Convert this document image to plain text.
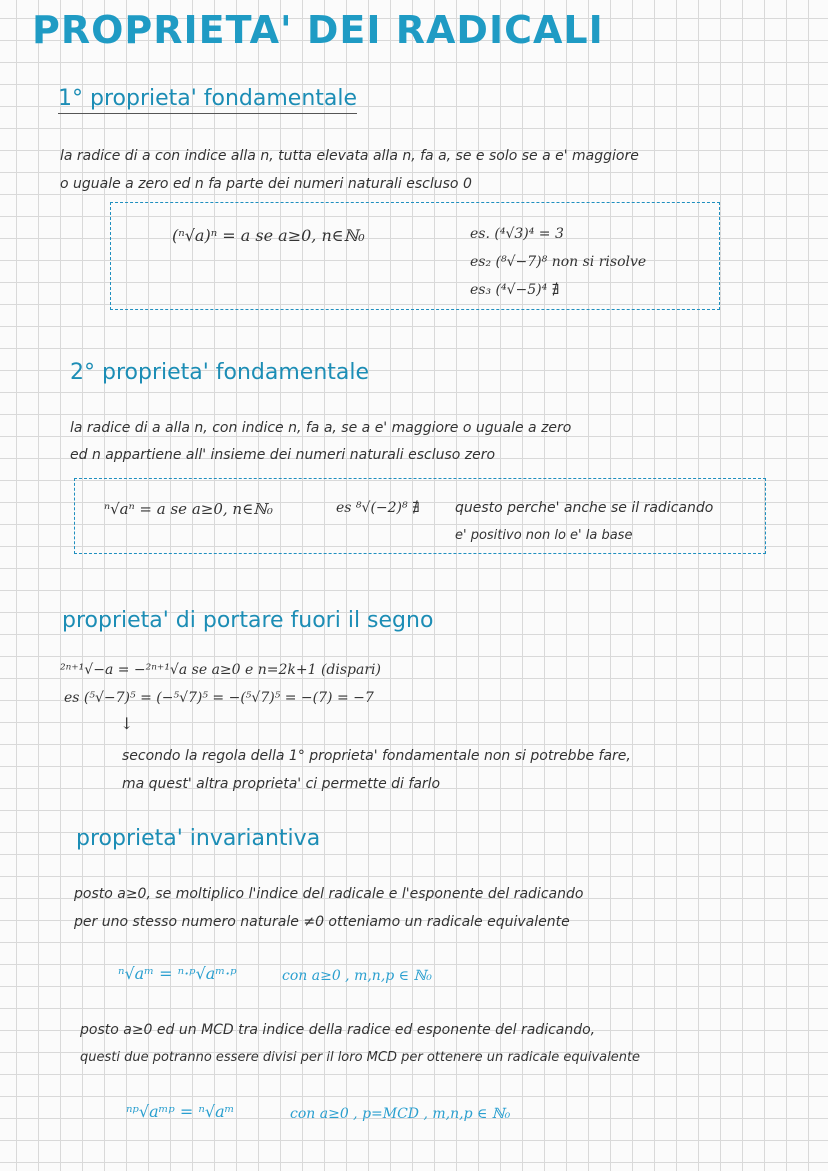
PROPRIETA' DEI RADICALI
1° proprieta' fondamentale
la radice di a con indice alla n, tutta elevata alla n, fa a, se e solo se a e' maggiore
o uguale a zero ed n fa parte dei numeri naturali escluso 0
(ⁿ√a)ⁿ = a se a≥0, n∈ℕ₀	es. (⁴√3)⁴ = 3
es₂ (⁸√−7)⁸ non si risolve
es₃ (⁴√−5)⁴ ∄
2° proprieta' fondamentale
la radice di a alla n, con indice n, fa a, se a e' maggiore o uguale a zero
ed n appartiene all' insieme dei numeri naturali escluso zero
ⁿ√aⁿ = a se a≥0, n∈ℕ₀	es ⁸√(−2)⁸ ∄	questo perche' anche se il radicando
e' positivo non lo e' la base
proprieta' di portare fuori il segno
²ⁿ⁺¹√−a = −²ⁿ⁺¹√a se a≥0 e n=2k+1 (dispari)
es (⁵√−7)⁵ = (−⁵√7)⁵ = −(⁵√7)⁵ = −(7) = −7
↓
secondo la regola della 1° proprieta' fondamentale non si potrebbe fare,
ma quest' altra proprieta' ci permette di farlo
proprieta' invariantiva
posto a≥0, se moltiplico l'indice del radicale e l'esponente del radicando
per uno stesso numero naturale ≠0 otteniamo un radicale equivalente
ⁿ√aᵐ = ⁿ·ᵖ√aᵐ·ᵖ	con a≥0 , m,n,p ∈ ℕ₀
posto a≥0 ed un MCD tra indice della radice ed esponente del radicando,
questi due potranno essere divisi per il loro MCD per ottenere un radicale equivalente
ⁿᵖ√aᵐᵖ = ⁿ√aᵐ	con a≥0 , p=MCD , m,n,p ∈ ℕ₀
